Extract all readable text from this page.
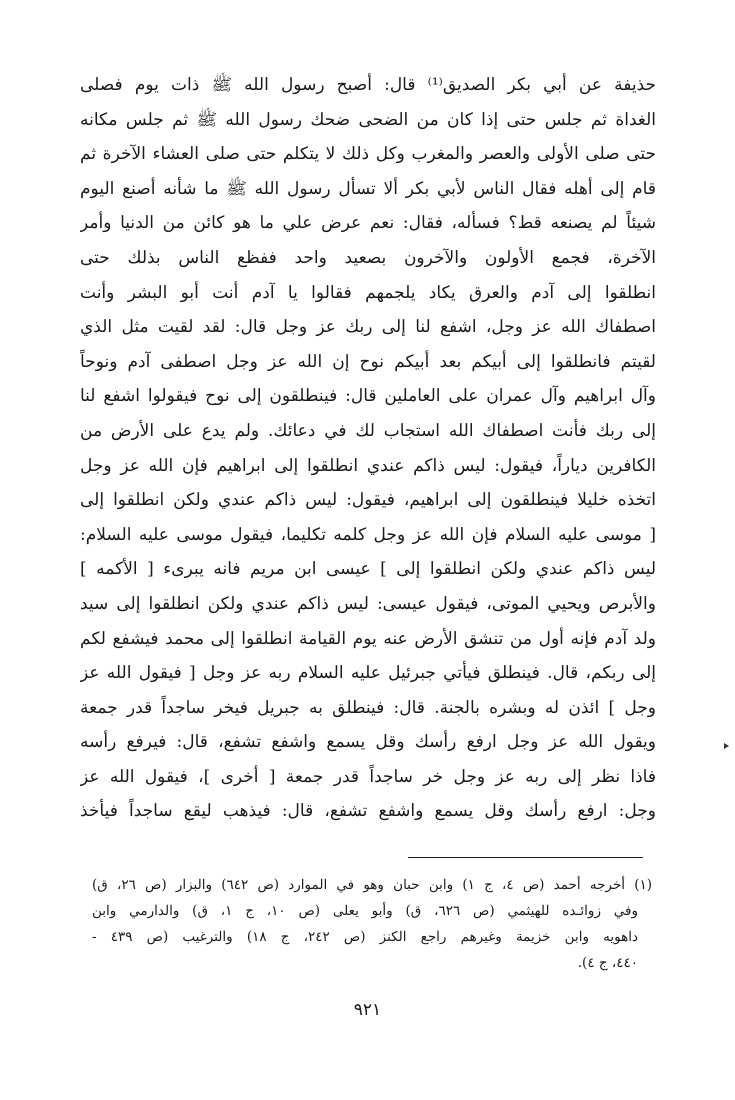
حذيفة عن أبي بكر الصديق⁽¹⁾ قال: أصبح رسول الله ﷺ ذات يوم فصلى
الغداة ثم جلس حتى إذا كان من الضحى ضحك رسول الله ﷺ ثم جلس مكانه
حتى صلى الأولى والعصر والمغرب وكل ذلك لا يتكلم حتى صلى العشاء الآخرة ثم
قام إلى أهله فقال الناس لأبي بكر ألا تسأل رسول الله ﷺ ما شأنه أصنع اليوم
شيئاً لم يصنعه قط؟ فسأله، فقال: نعم عرض علي ما هو كائن من الدنيا وأمر
الآخرة، فجمع الأولون والآخرون بصعيد واحد ففظع الناس بذلك حتى
انطلقوا إلى آدم والعرق يكاد يلجمهم فقالوا يا آدم أنت أبو البشر وأنت
اصطفاك الله عز وجل، اشفع لنا إلى ربك عز وجل قال: لقد لقيت مثل الذي
لقيتم فانطلقوا إلى أبيكم بعد أبيكم نوح إن الله عز وجل اصطفى آدم ونوحاً
وآل ابراهيم وآل عمران على العاملين قال: فينطلقون إلى نوح فيقولوا اشفع لنا
إلى ربك فأنت اصطفاك الله استجاب لك في دعائك. ولم يدع على الأرض من
الكافرين دياراً، فيقول: ليس ذاكم عندي انطلقوا إلى ابراهيم فإن الله عز وجل
اتخذه خليلا فينطلقون إلى ابراهيم، فيقول: ليس ذاكم عندي ولكن انطلقوا إلى
[ موسى عليه السلام فإن الله عز وجل كلمه تكليما، فيقول موسى عليه السلام:
ليس ذاكم عندي ولكن انطلقوا إلى ] عيسى ابن مريم فانه يبرىء [ الأكمه ]
والأبرص ويحيي الموتى، فيقول عيسى: ليس ذاكم عندي ولكن انطلقوا إلى سيد
ولد آدم فإنه أول من تنشق الأرض عنه يوم القيامة انطلقوا إلى محمد فيشفع لكم
إلى ربكم، قال. فينطلق فيأتي جبرئيل عليه السلام ربه عز وجل [ فيقول الله عز
وجل ] ائذن له وبشره بالجنة. قال: فينطلق به جبريل فيخر ساجداً قدر جمعة
ويقول الله عز وجل ارفع رأسك وقل يسمع واشفع تشفع، قال: فيرفع رأسه
فاذا نظر إلى ربه عز وجل خر ساجداً قدر جمعة [ أخرى ]، فيقول الله عز
وجل: ارفع رأسك وقل يسمع واشفع تشفع، قال: فيذهب ليقع ساجداً فيأخذ
(١) أخرجه أحمد (ص ٤، ج ١) وابن حبان وهو في الموارد (ص ٦٤٢) والبزار (ص ٢٦، ق)
وفي زوائـده للهيثمي (ص ٦٢٦، ق) وأبو يعلى (ص ١٠، ج ١، ق) والدارمي وابن
داهويه وابن خزيمة وغيرهم راجع الكنز (ص ٢٤٢، ج ١٨) والترغيب (ص ٤٣٩ -
٤٤٠، ج ٤).
٩٢١
